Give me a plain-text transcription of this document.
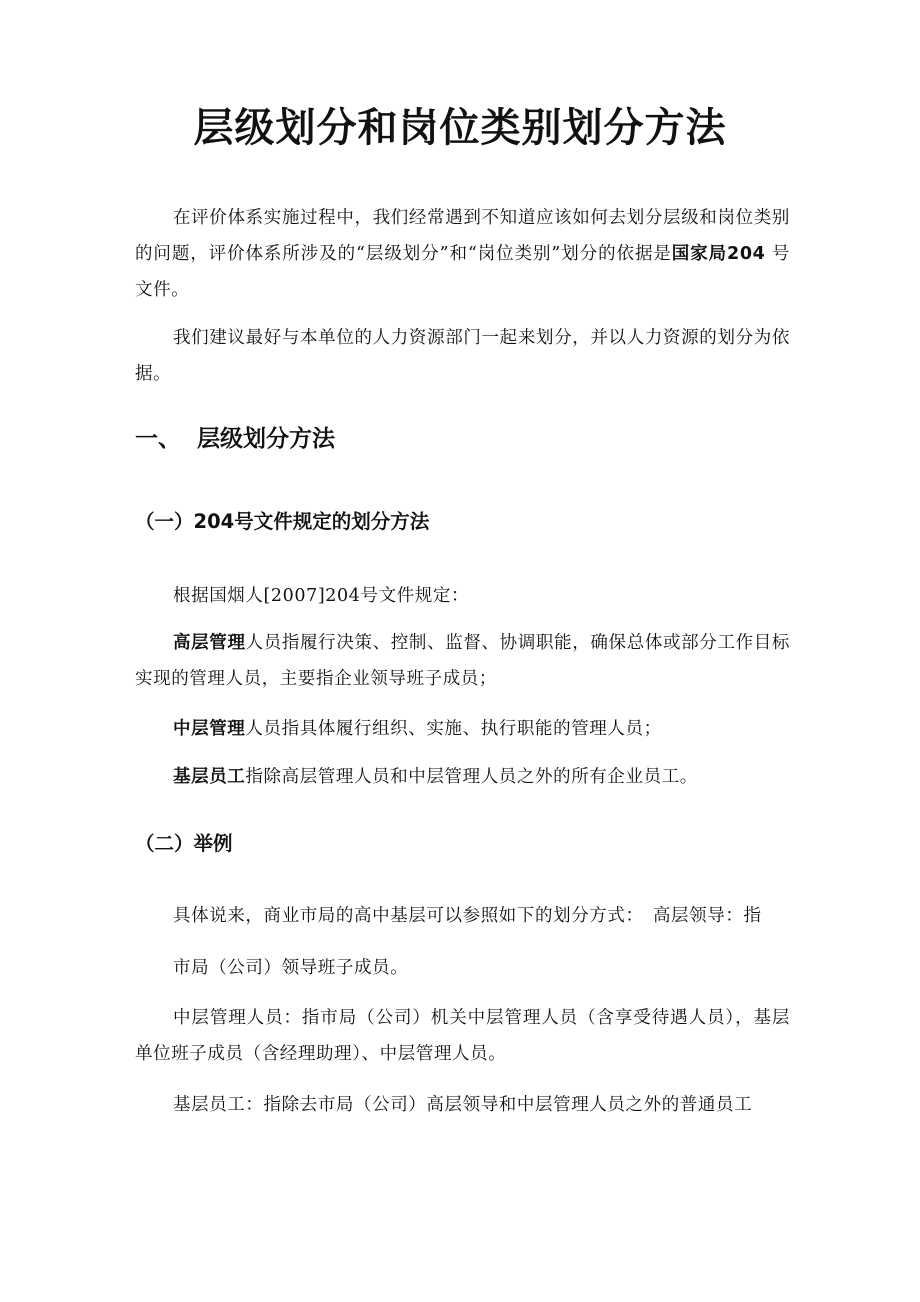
层级划分和岗位类别划分方法

在评价体系实施过程中，我们经常遇到不知道应该如何去划分层级和岗位类别的问题，评价体系所涉及的“层级划分”和“岗位类别”划分的依据是国家局204 号文件。

我们建议最好与本单位的人力资源部门一起来划分，并以人力资源的划分为依据。

一、 层级划分方法
（一）204号文件规定的划分方法

根据国烟人[2007]204号文件规定：

高层管理人员指履行决策、控制、监督、协调职能，确保总体或部分工作目标实现的管理人员，主要指企业领导班子成员；

中层管理人员指具体履行组织、实施、执行职能的管理人员；

基层员工指除高层管理人员和中层管理人员之外的所有企业员工。

（二）举例

具体说来，商业市局的高中基层可以参照如下的划分方式：　高层领导：指

市局（公司）领导班子成员。

中层管理人员：指市局（公司）机关中层管理人员（含享受待遇人员），基层单位班子成员（含经理助理）、中层管理人员。

基层员工：指除去市局（公司）高层领导和中层管理人员之外的普通员工
